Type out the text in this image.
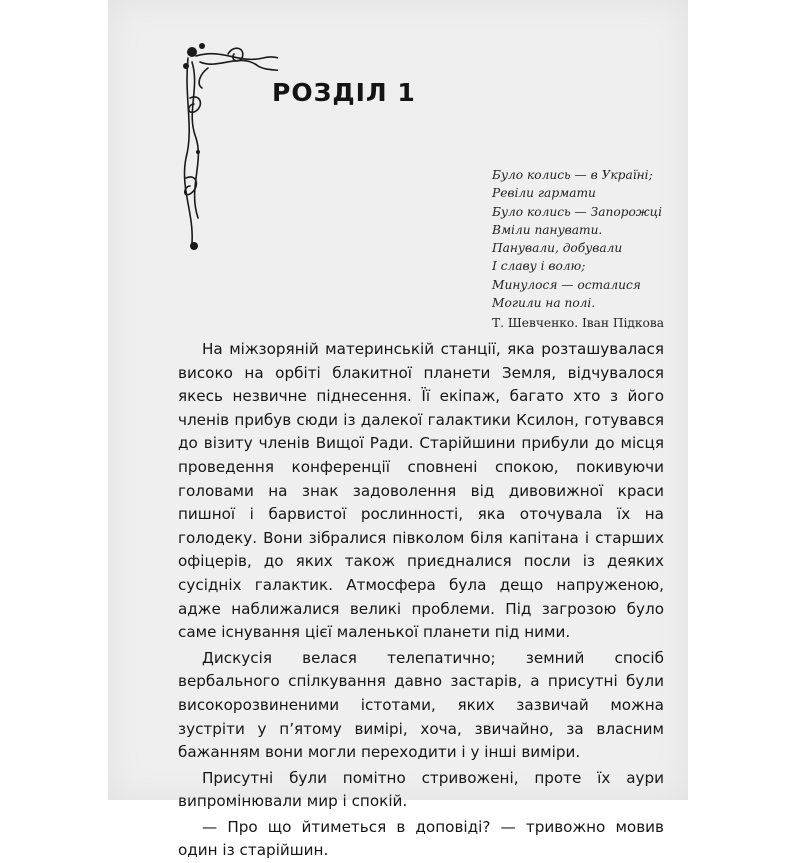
РОЗДІЛ 1
Було колись — в Україні;
Ревіли гармати
Було колись — Запорожці
Вміли панувати.
Панували, добували
І славу і волю;
Минулося — осталися
Могили на полі.
Т. Шевченко. Іван Підкова

На міжзоряній материнській станції, яка розташувалася високо на орбіті блакитної планети Земля, відчувалося якесь незвичне піднесення. Її екіпаж, багато хто з його членів прибув сюди із далекої галактики Ксилон, готувався до візиту членів Вищої Ради. Старійшини прибули до місця проведення конференції сповнені спокою, покивуючи головами на знак задоволення від дивовижної краси пишної і барвистої рослинності, яка оточувала їх на голодеку. Вони зібралися півколом біля капітана і старших офіцерів, до яких також приєдналися посли із деяких сусідніх галактик. Атмосфера була дещо напруженою, адже наближалися великі проблеми. Під загрозою було саме існування цієї маленької планети під ними.

Дискусія велася телепатично; земний спосіб вербального спілкування давно застарів, а присутні були високорозвиненими істотами, яких зазвичай можна зустріти у п’ятому вимірі, хоча, звичайно, за власним бажанням вони могли переходити і у інші виміри.

Присутні були помітно стривожені, проте їх аури випромінювали мир і спокій.

— Про що йтиметься в доповіді? — тривожно мовив один із старійшин.
